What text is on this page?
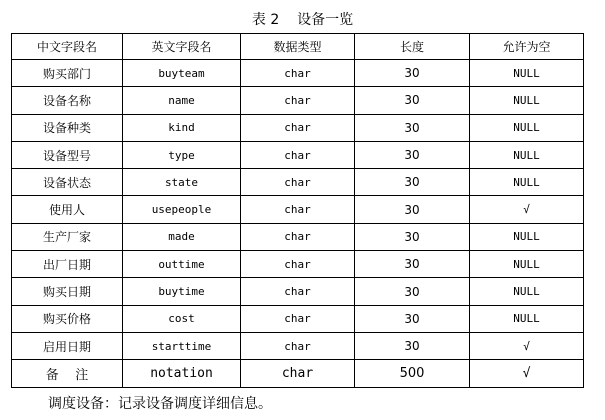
表 2    设备一览
中文字段名	英文字段名	数据类型	长度	允许为空
购买部门	buyteam	char	30	NULL
设备名称	name	char	30	NULL
设备种类	kind	char	30	NULL
设备型号	type	char	30	NULL
设备状态	state	char	30	NULL
使用人	usepeople	char	30	√
生产厂家	made	char	30	NULL
出厂日期	outtime	char	30	NULL
购买日期	buytime	char	30	NULL
购买价格	cost	char	30	NULL
启用日期	starttime	char	30	√
备    注	notation	char	500	√
调度设备：记录设备调度详细信息。
